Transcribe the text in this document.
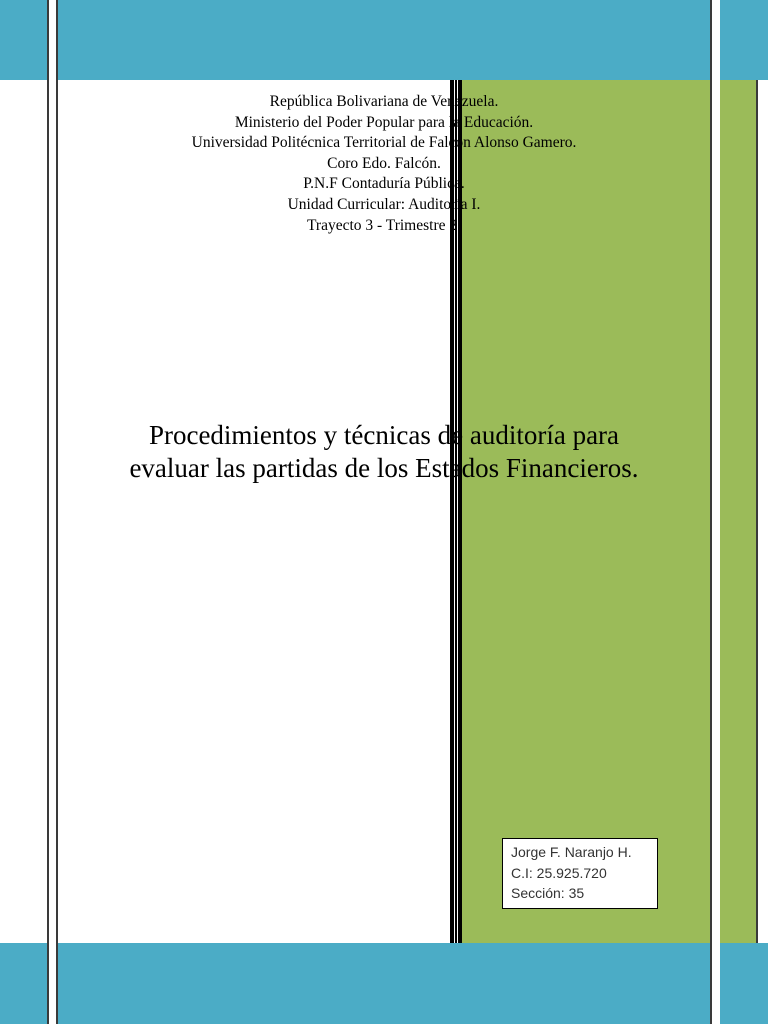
República Bolivariana de Venezuela.
Ministerio del Poder Popular para la Educación.
Universidad Politécnica Territorial de Falcón Alonso Gamero.
Coro Edo. Falcón.
P.N.F Contaduría Pública.
Unidad Curricular: Auditoría I.
Trayecto 3 - Trimestre 2.
Procedimientos y técnicas de auditoría para
evaluar las partidas de los Estados Financieros.
Jorge F. Naranjo H.
C.I: 25.925.720
Sección: 35
